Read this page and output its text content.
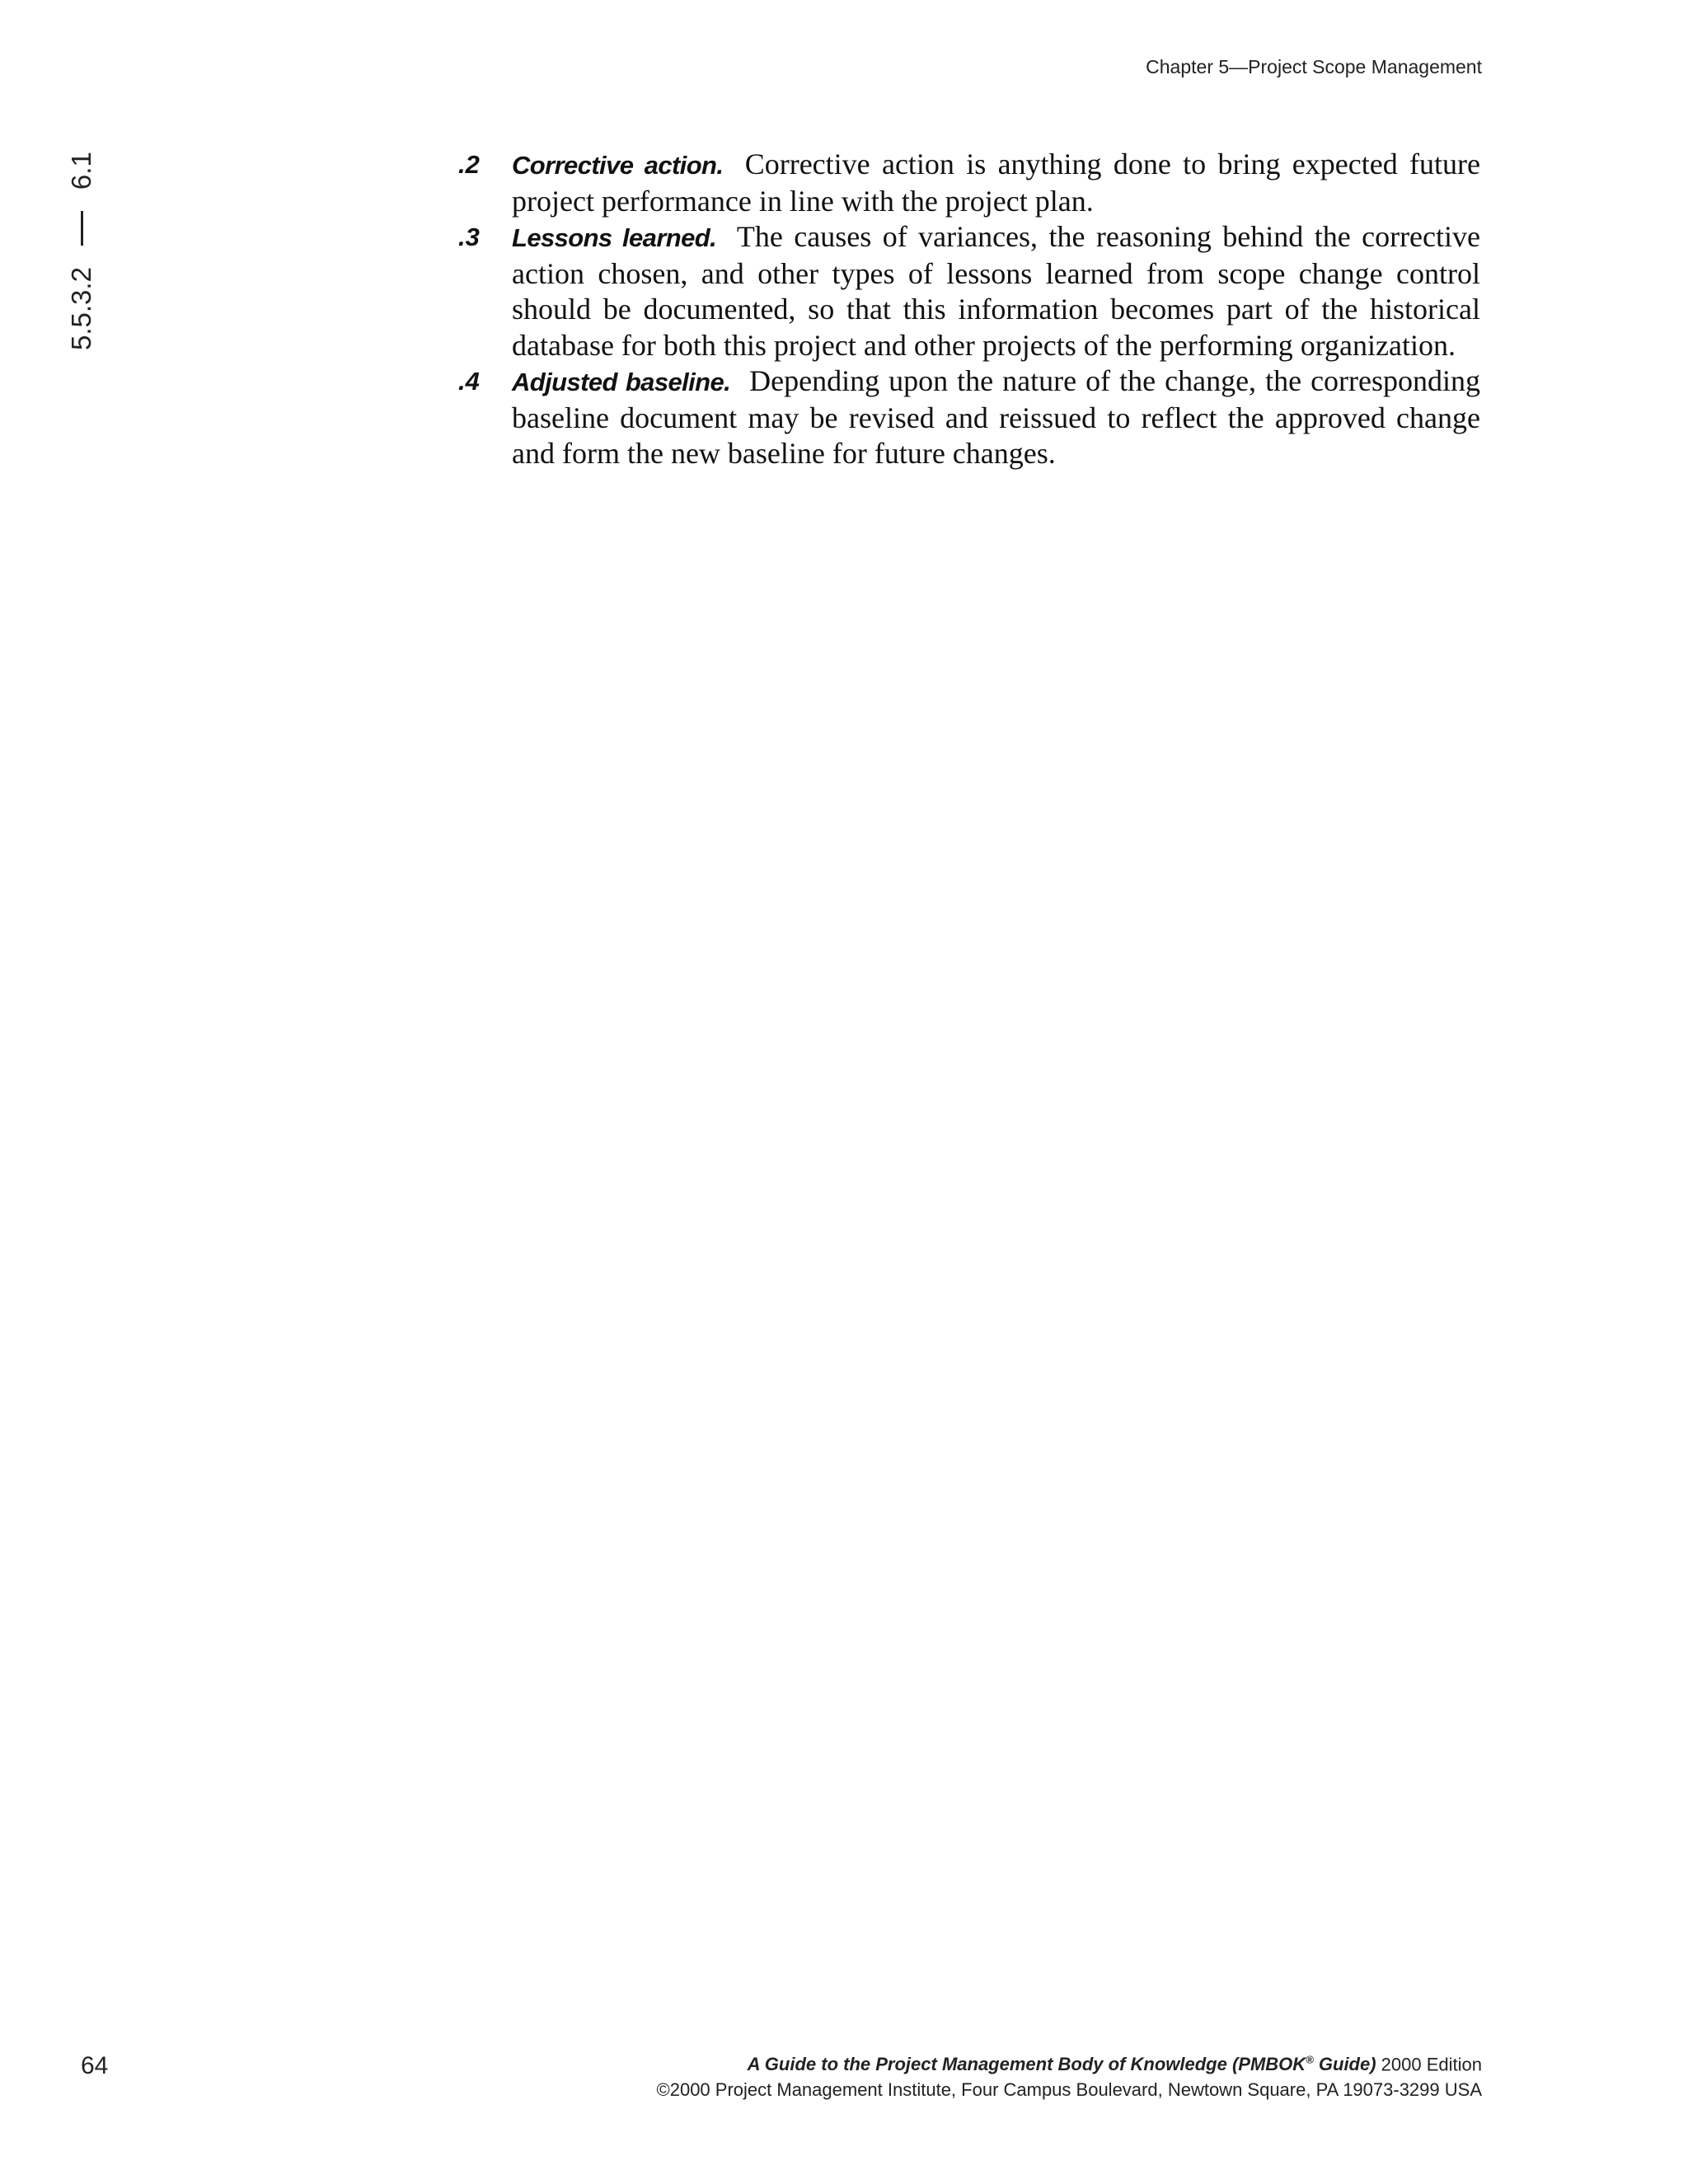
Chapter 5—Project Scope Management
5.5.3.2
6.1	.2 Corrective action. Corrective action is anything done to bring expected future project performance in line with the project plan.
.3 Lessons learned. The causes of variances, the reasoning behind the corrective action chosen, and other types of lessons learned from scope change control should be documented, so that this information becomes part of the historical database for both this project and other projects of the performing organization.
.4 Adjusted baseline. Depending upon the nature of the change, the corresponding baseline document may be revised and reissued to reflect the approved change and form the new baseline for future changes.
64	A Guide to the Project Management Body of Knowledge (PMBOK® Guide) 2000 Edition
©2000 Project Management Institute, Four Campus Boulevard, Newtown Square, PA 19073-3299 USA
